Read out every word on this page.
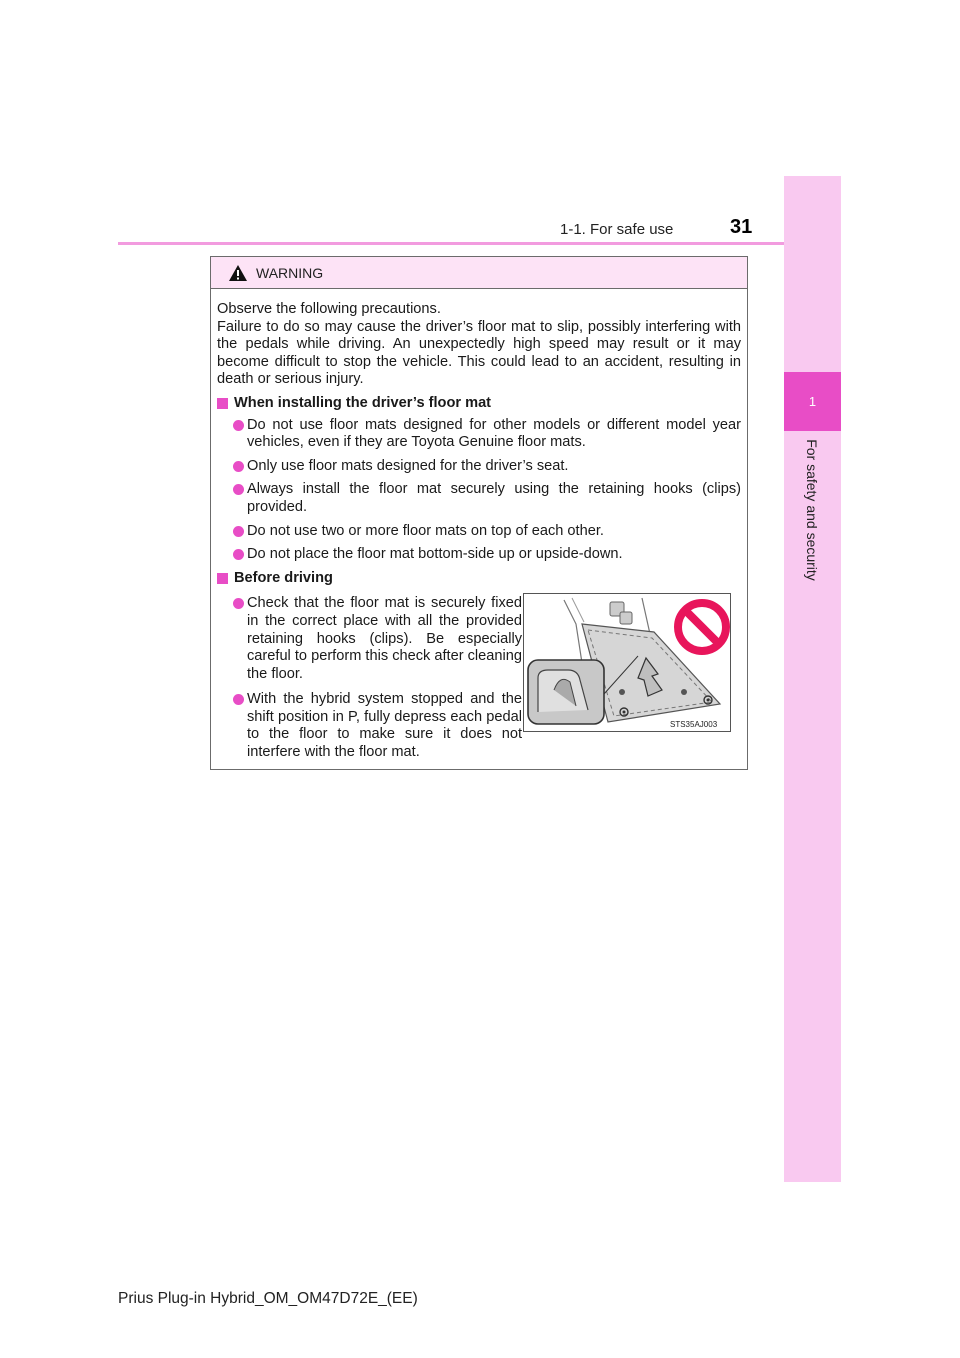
1
For safety and security
1-1. For safe use	31
WARNING

Observe the following precautions.
Failure to do so may cause the driver’s floor mat to slip, possibly interfering with the pedals while driving. An unexpectedly high speed may result or it may become difficult to stop the vehicle. This could lead to an accident, resulting in death or serious injury.

When installing the driver’s floor mat
Do not use floor mats designed for other models or different model year vehicles, even if they are Toyota Genuine floor mats.
Only use floor mats designed for the driver’s seat.
Always install the floor mat securely using the retaining hooks (clips) provided.
Do not use two or more floor mats on top of each other.
Do not place the floor mat bottom-side up or upside-down.
Before driving
Check that the floor mat is securely fixed in the correct place with all the provided retaining hooks (clips). Be especially careful to perform this check after cleaning the floor.
With the hybrid system stopped and the shift position in P, fully depress each pedal to the floor to make sure it does not interfere with the floor mat.
STS35AJ003
Prius Plug-in Hybrid_OM_OM47D72E_(EE)
